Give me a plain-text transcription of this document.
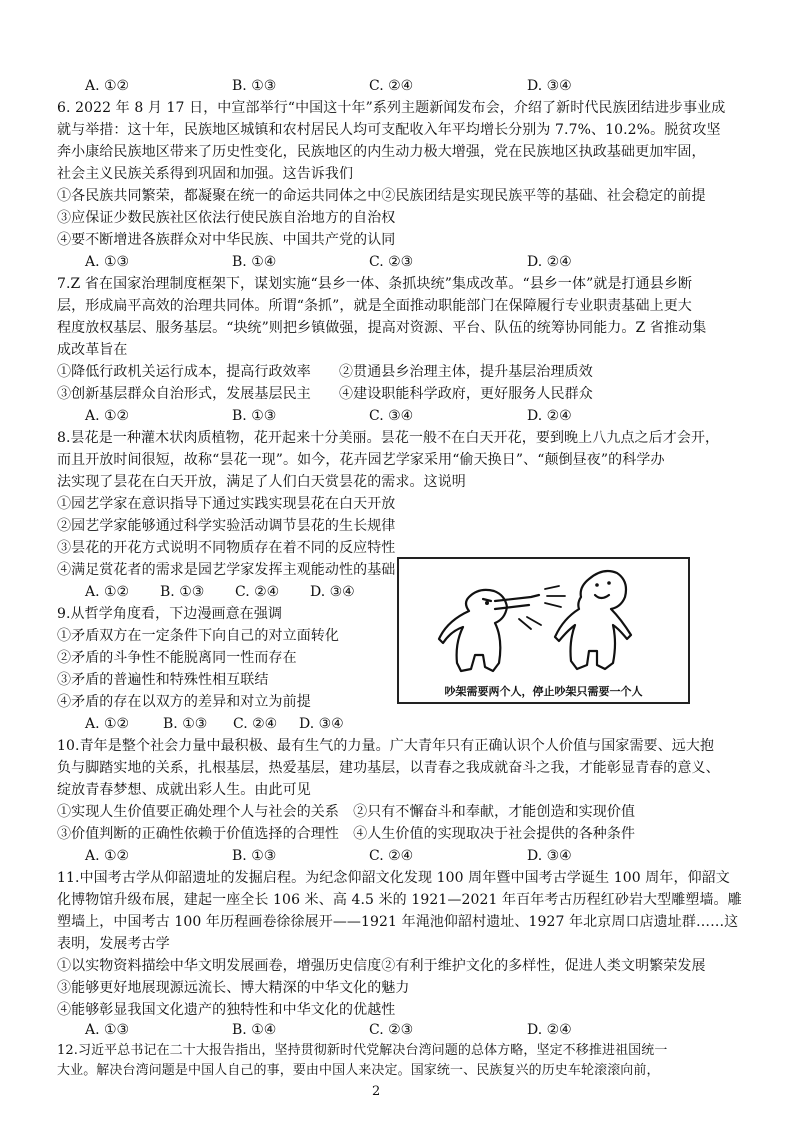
A. ①②	B. ①③	C. ②④	D. ③④
6. 2022 年 8 月 17 日，中宣部举行“中国这十年”系列主题新闻发布会，介绍了新时代民族团结进步事业成
就与举措：这十年，民族地区城镇和农村居民人均可支配收入年平均增长分别为 7.7%、10.2%。脱贫攻坚
奔小康给民族地区带来了历史性变化，民族地区的内生动力极大增强，党在民族地区执政基础更加牢固，
社会主义民族关系得到巩固和加强。这告诉我们
①各民族共同繁荣，都凝聚在统一的命运共同体之中②民族团结是实现民族平等的基础、社会稳定的前提
③应保证少数民族社区依法行使民族自治地方的自治权
④要不断增进各族群众对中华民族、中国共产党的认同
A. ①③	B. ①④	C. ②③	D. ②④
7.Z 省在国家治理制度框架下，谋划实施“县乡一体、条抓块统”集成改革。“县乡一体”就是打通县乡断
层，形成扁平高效的治理共同体。所谓“条抓”，就是全面推动职能部门在保障履行专业职责基础上更大
程度放权基层、服务基层。“块统”则把乡镇做强，提高对资源、平台、队伍的统筹协同能力。Z 省推动集
成改革旨在
①降低行政机关运行成本，提高行政效率　　②贯通县乡治理主体，提升基层治理质效
③创新基层群众自治形式，发展基层民主　　④建设职能科学政府，更好服务人民群众
A. ①②	B. ①③	C. ③④	D. ②④
8.昙花是一种灌木状肉质植物，花开起来十分美丽。昙花一般不在白天开花，要到晚上八九点之后才会开，
而且开放时间很短，故称“昙花一现”。如今，花卉园艺学家采用“偷天换日”、“颠倒昼夜”的科学办
法实现了昙花在白天开放，满足了人们白天赏昙花的需求。这说明
①园艺学家在意识指导下通过实践实现昙花在白天开放
②园艺学家能够通过科学实验活动调节昙花的生长规律
③昙花的开花方式说明不同物质存在着不同的反应特性
④满足赏花者的需求是园艺学家发挥主观能动性的基础
A. ①② B. ①③ C. ②④ D. ③④
9.从哲学角度看，下边漫画意在强调
①矛盾双方在一定条件下向自己的对立面转化
②矛盾的斗争性不能脱离同一性而存在
③矛盾的普遍性和特殊性相互联结
④矛盾的存在以双方的差异和对立为前提
A. ①② B. ①③ C. ②④ D. ③④
吵架需要两个人，停止吵架只需要一个人
10.青年是整个社会力量中最积极、最有生气的力量。广大青年只有正确认识个人价值与国家需要、远大抱
负与脚踏实地的关系，扎根基层，热爱基层，建功基层，以青春之我成就奋斗之我，才能彰显青春的意义、
绽放青春梦想、成就出彩人生。由此可见
①实现人生价值要正确处理个人与社会的关系　②只有不懈奋斗和奉献，才能创造和实现价值
③价值判断的正确性依赖于价值选择的合理性　④人生价值的实现取决于社会提供的各种条件
A. ①②	B. ①③	C. ②④	D. ③④
11.中国考古学从仰韶遗址的发掘启程。为纪念仰韶文化发现 100 周年暨中国考古学诞生 100 周年，仰韶文
化博物馆升级布展，建起一座全长 106 米、高 4.5 米的 1921—2021 年百年考古历程红砂岩大型雕塑墙。雕
塑墙上，中国考古 100 年历程画卷徐徐展开——1921 年渑池仰韶村遗址、1927 年北京周口店遗址群……这
表明，发展考古学
①以实物资料描绘中华文明发展画卷，增强历史信度②有利于维护文化的多样性，促进人类文明繁荣发展
③能够更好地展现源远流长、博大精深的中华文化的魅力
④能够彰显我国文化遗产的独特性和中华文化的优越性
A. ①③	B. ①④	C. ②③	D. ②④
12.习近平总书记在二十大报告指出，坚持贯彻新时代党解决台湾问题的总体方略，坚定不移推进祖国统一
大业。解决台湾问题是中国人自己的事，要由中国人来决定。国家统一、民族复兴的历史车轮滚滚向前，
2
